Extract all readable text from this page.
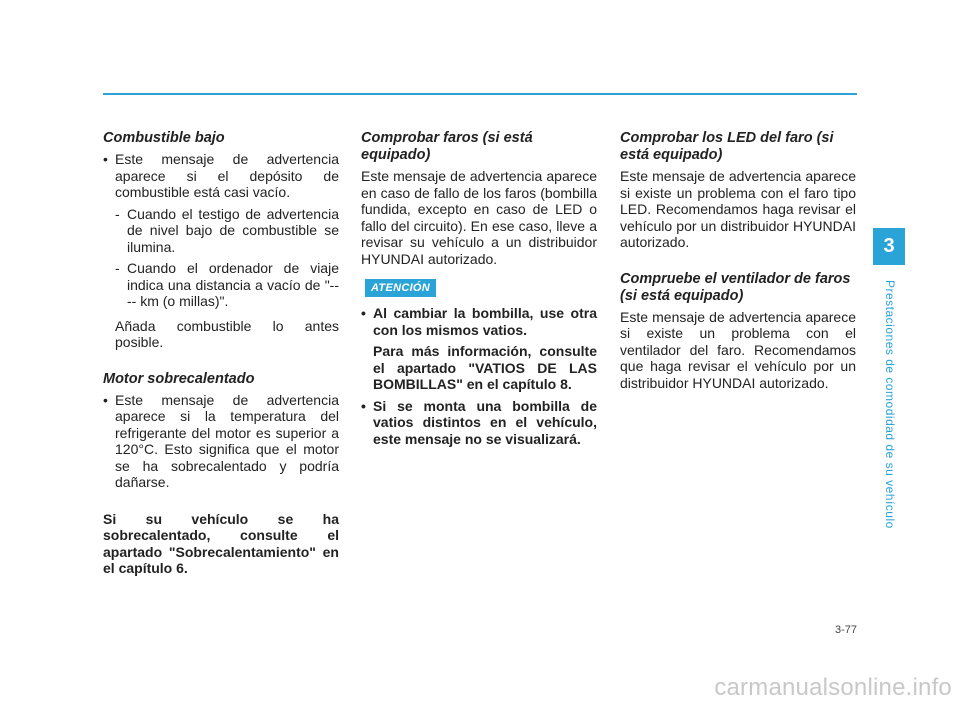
Combustible bajo
• Este mensaje de advertencia aparece si el depósito de combustible está casi vacío.
- Cuando el testigo de advertencia de nivel bajo de combustible se ilumina.
- Cuando el ordenador de viaje indica una distancia a vacío de "---- km (o millas)".
Añada combustible lo antes posible.
Motor sobrecalentado
• Este mensaje de advertencia aparece si la temperatura del refrigerante del motor es superior a 120°C. Esto significa que el motor se ha sobrecalentado y podría dañarse.
Si su vehículo se ha sobrecalentado, consulte el apartado "Sobrecalentamiento" en el capítulo 6.
Comprobar faros (si está equipado)
Este mensaje de advertencia aparece en caso de fallo de los faros (bombilla fundida, excepto en caso de LED o fallo del circuito). En ese caso, lleve a revisar su vehículo a un distribuidor HYUNDAI autorizado.
ATENCIÓN
• Al cambiar la bombilla, use otra con los mismos vatios.
Para más información, consulte el apartado "VATIOS DE LAS BOMBILLAS" en el capítulo 8.
• Si se monta una bombilla de vatios distintos en el vehículo, este mensaje no se visualizará.
Comprobar los LED del faro (si está equipado)
Este mensaje de advertencia aparece si existe un problema con el faro tipo LED. Recomendamos haga revisar el vehículo por un distribuidor HYUNDAI autorizado.
Compruebe el ventilador de faros (si está equipado)
Este mensaje de advertencia aparece si existe un problema con el ventilador del faro. Recomendamos que haga revisar el vehículo por un distribuidor HYUNDAI autorizado.
3
Prestaciones de comodidad de su vehículo
3-77
carmanualsonline.info
